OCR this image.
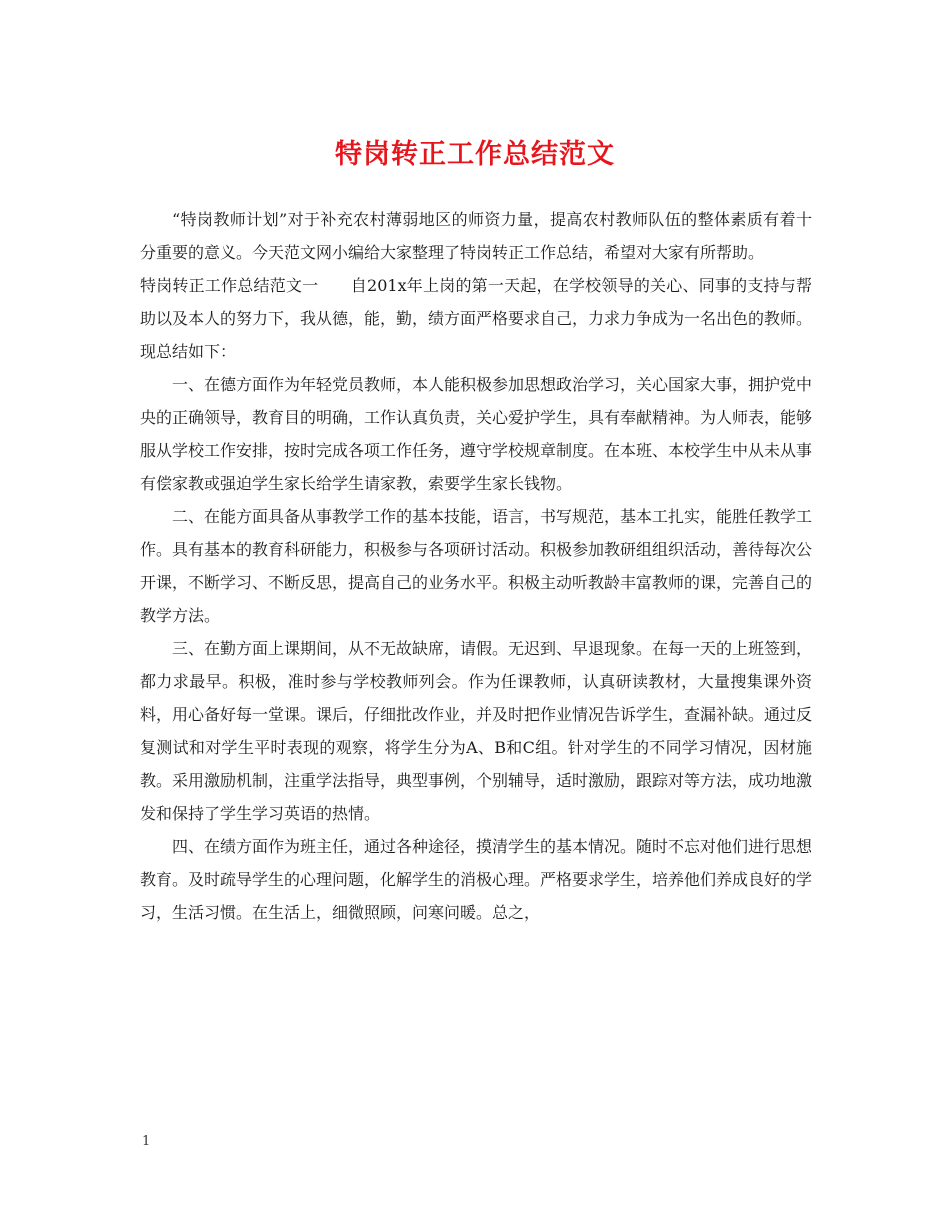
特岗转正工作总结范文

“特岗教师计划”对于补充农村薄弱地区的师资力量，提高农村教师队伍的整体素质有着十分重要的意义。今天范文网小编给大家整理了特岗转正工作总结，希望对大家有所帮助。

特岗转正工作总结范文一　　自201x年上岗的第一天起，在学校领导的关心、同事的支持与帮助以及本人的努力下，我从德，能，勤，绩方面严格要求自己，力求力争成为一名出色的教师。现总结如下：

一、在德方面作为年轻党员教师，本人能积极参加思想政治学习，关心国家大事，拥护党中央的正确领导，教育目的明确，工作认真负责，关心爱护学生，具有奉献精神。为人师表，能够服从学校工作安排，按时完成各项工作任务，遵守学校规章制度。在本班、本校学生中从未从事有偿家教或强迫学生家长给学生请家教，索要学生家长钱物。

二、在能方面具备从事教学工作的基本技能，语言，书写规范，基本工扎实，能胜任教学工作。具有基本的教育科研能力，积极参与各项研讨活动。积极参加教研组组织活动，善待每次公开课，不断学习、不断反思，提高自己的业务水平。积极主动听教龄丰富教师的课，完善自己的教学方法。

三、在勤方面上课期间，从不无故缺席，请假。无迟到、早退现象。在每一天的上班签到，都力求最早。积极，准时参与学校教师列会。作为任课教师，认真研读教材，大量搜集课外资料，用心备好每一堂课。课后，仔细批改作业，并及时把作业情况告诉学生，查漏补缺。通过反复测试和对学生平时表现的观察，将学生分为A、B和C组。针对学生的不同学习情况，因材施教。采用激励机制，注重学法指导，典型事例，个别辅导，适时激励，跟踪对等方法，成功地激发和保持了学生学习英语的热情。

四、在绩方面作为班主任，通过各种途径，摸清学生的基本情况。随时不忘对他们进行思想教育。及时疏导学生的心理问题，化解学生的消极心理。严格要求学生，培养他们养成良好的学习，生活习惯。在生活上，细微照顾，问寒问暖。总之，

1
